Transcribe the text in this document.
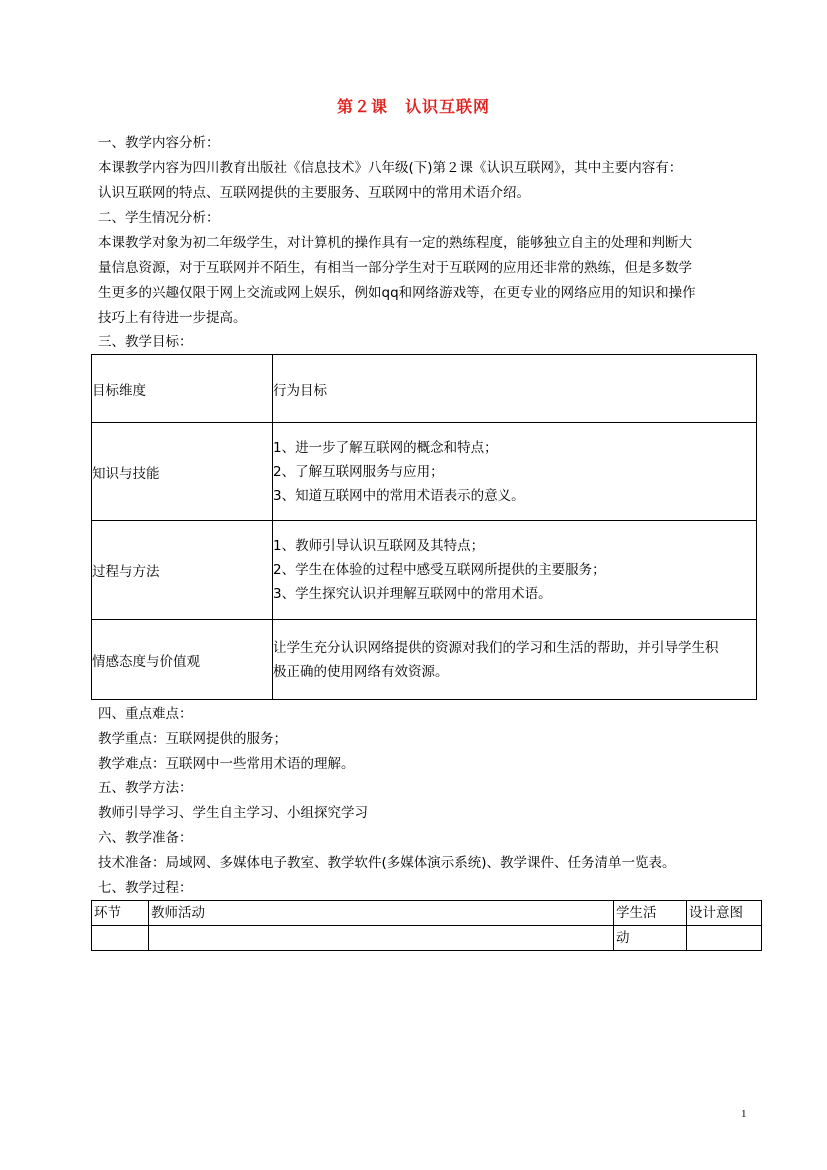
第２课　认识互联网
一、教学内容分析：
本课教学内容为四川教育出版社《信息技术》八年级(下)第２课《认识互联网》，其中主要内容有：
认识互联网的特点、互联网提供的主要服务、互联网中的常用术语介绍。
二、学生情况分析：
本课教学对象为初二年级学生，对计算机的操作具有一定的熟练程度，能够独立自主的处理和判断大
量信息资源，对于互联网并不陌生，有相当一部分学生对于互联网的应用还非常的熟练，但是多数学
生更多的兴趣仅限于网上交流或网上娱乐，例如qq和网络游戏等，在更专业的网络应用的知识和操作
技巧上有待进一步提高。
三、教学目标：
目标维度	行为目标
知识与技能	1、进一步了解互联网的概念和特点；
2、了解互联网服务与应用；
3、知道互联网中的常用术语表示的意义。

过程与方法	1、教师引导认识互联网及其特点；
2、学生在体验的过程中感受互联网所提供的主要服务；
3、学生探究认识并理解互联网中的常用术语。

情感态度与价值观	让学生充分认识网络提供的资源对我们的学习和生活的帮助，并引导学生积
极正确的使用网络有效资源。
四、重点难点：
教学重点：互联网提供的服务；
教学难点：互联网中一些常用术语的理解。
五、教学方法：
教师引导学习、学生自主学习、小组探究学习
六、教学准备：
技术准备：局域网、多媒体电子教室、教学软件(多媒体演示系统)、教学课件、任务清单一览表。
七、教学过程：
环节	教师活动	学生活	设计意图
		动	
1
